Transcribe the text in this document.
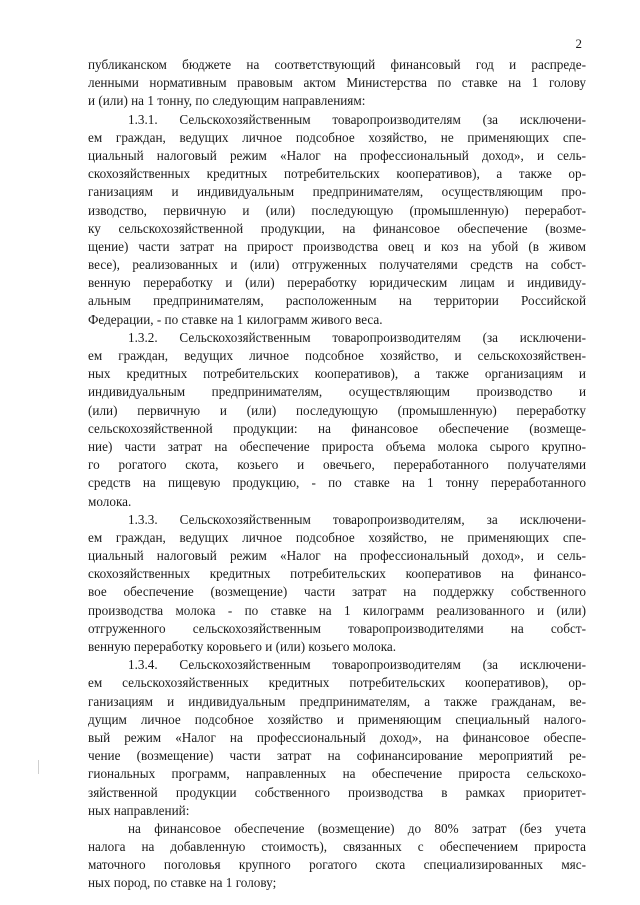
2
публиканском бюджете на соответствующий финансовый год и распреде-
ленными нормативным правовым актом Министерства по ставке на 1 голову
и (или) на 1 тонну, по следующим направлениям:
1.3.1. Сельскохозяйственным товаропроизводителям (за исключени-
ем граждан, ведущих личное подсобное хозяйство, не применяющих спе-
циальный налоговый режим «Налог на профессиональный доход», и сель-
скохозяйственных кредитных потребительских кооперативов), а также ор-
ганизациям и индивидуальным предпринимателям, осуществляющим про-
изводство, первичную и (или) последующую (промышленную) переработ-
ку сельскохозяйственной продукции, на финансовое обеспечение (возме-
щение) части затрат на прирост производства овец и коз на убой (в живом
весе), реализованных и (или) отгруженных получателями средств на собст-
венную переработку и (или) переработку юридическим лицам и индивиду-
альным предпринимателям, расположенным на территории Российской
Федерации, - по ставке на 1 килограмм живого веса.
1.3.2. Сельскохозяйственным товаропроизводителям (за исключени-
ем граждан, ведущих личное подсобное хозяйство, и сельскохозяйствен-
ных кредитных потребительских кооперативов), а также организациям и
индивидуальным предпринимателям, осуществляющим производство и
(или) первичную и (или) последующую (промышленную) переработку
сельскохозяйственной продукции: на финансовое обеспечение (возмеще-
ние) части затрат на обеспечение прироста объема молока сырого крупно-
го рогатого скота, козьего и овечьего, переработанного получателями
средств на пищевую продукцию, - по ставке на 1 тонну переработанного
молока.
1.3.3. Сельскохозяйственным товаропроизводителям, за исключени-
ем граждан, ведущих личное подсобное хозяйство, не применяющих спе-
циальный налоговый режим «Налог на профессиональный доход», и сель-
скохозяйственных кредитных потребительских кооперативов на финансо-
вое обеспечение (возмещение) части затрат на поддержку собственного
производства молока - по ставке на 1 килограмм реализованного и (или)
отгруженного сельскохозяйственным товаропроизводителями на собст-
венную переработку коровьего и (или) козьего молока.
1.3.4. Сельскохозяйственным товаропроизводителям (за исключени-
ем сельскохозяйственных кредитных потребительских кооперативов), ор-
ганизациям и индивидуальным предпринимателям, а также гражданам, ве-
дущим личное подсобное хозяйство и применяющим специальный налого-
вый режим «Налог на профессиональный доход», на финансовое обеспе-
чение (возмещение) части затрат на софинансирование мероприятий ре-
гиональных программ, направленных на обеспечение прироста сельскохо-
зяйственной продукции собственного производства в рамках приоритет-
ных направлений:
на финансовое обеспечение (возмещение) до 80% затрат (без учета
налога на добавленную стоимость), связанных с обеспечением прироста
маточного поголовья крупного рогатого скота специализированных мяс-
ных пород, по ставке на 1 голову;
